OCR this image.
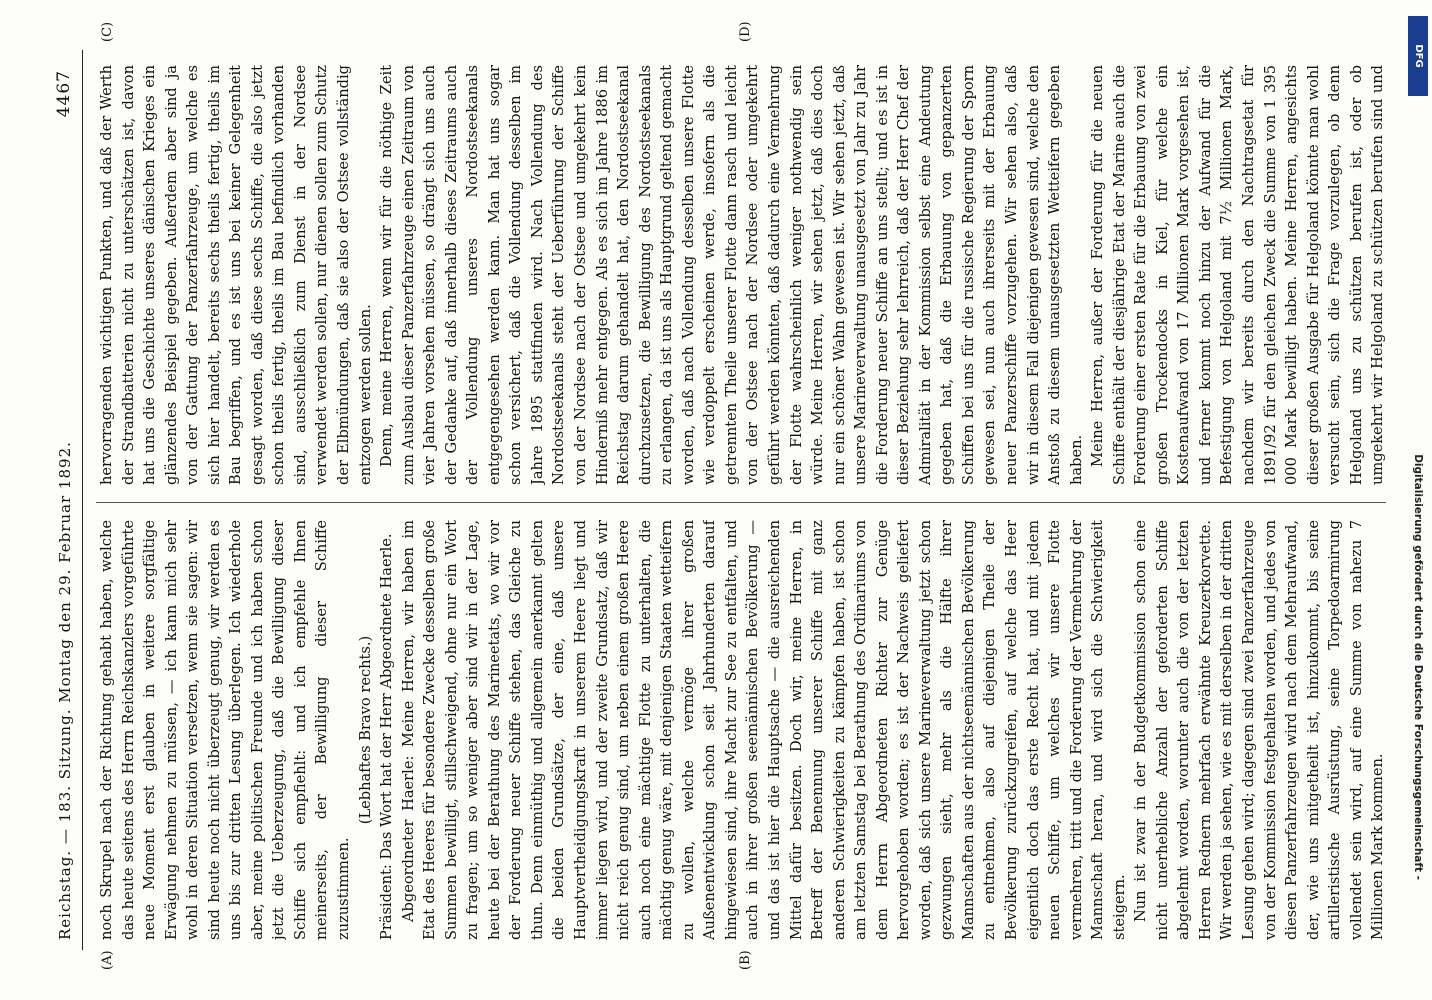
Reichstag. — 183. Sitzung. Montag den 29. Februar 1892.
4467
(A)	(B)
(C)	(D)

noch Skrupel nach der Richtung gehabt haben, welche das heute seitens des Herrn Reichskanzlers vorgeführte neue Moment erst glauben in weitere sorgfältige Erwägung nehmen zu müssen, — ich kann mich sehr wohl in deren Situation versetzen, wenn sie sagen: wir sind heute noch nicht überzeugt genug, wir werden es uns bis zur dritten Lesung überlegen. Ich wiederhole aber, meine politischen Freunde und ich haben schon jetzt die Ueberzeugung, daß die Bewilligung dieser Schiffe sich empfiehlt: und ich empfehle Ihnen meinerseits, der Bewilligung dieser Schiffe zuzustimmen.

(Lebhaftes Bravo rechts.) Präsident: Das Wort hat der Herr Abgeordnete Haerle. Abgeordneter Haerle: Meine Herren, wir haben im Etat des Heeres für besondere Zwecke desselben große Summen bewilligt, stillschweigend, ohne nur ein Wort zu fragen; um so weniger aber sind wir in der Lage, heute bei der Berathung des Marineetats, wo wir vor der Forderung neuer Schiffe stehen, das Gleiche zu thun. Denn einmüthig und allgemein anerkannt gelten die beiden Grundsätze, der eine, daß unsere Hauptvertheidigungskraft in unserem Heere liegt und immer liegen wird, und der zweite Grundsatz, daß wir nicht reich genug sind, um neben einem großen Heere auch noch eine mächtige Flotte zu unterhalten, die mächtig genug wäre, mit denjenigen Staaten wetteifern zu wollen, welche vermöge ihrer großen Außenentwicklung schon seit Jahrhunderten darauf hingewiesen sind, ihre Macht zur See zu entfalten, und auch in ihrer großen seemännischen Bevölkerung — und das ist hier die Hauptsache — die ausreichenden Mittel dafür besitzen. Doch wir, meine Herren, in Betreff der Benennung unserer Schiffe mit ganz anderen Schwierigkeiten zu kämpfen haben, ist schon am letzten Samstag bei Berathung des Ordinariums von dem Herrn Abgeordneten Richter zur Genüge hervorgehoben worden; es ist der Nachweis geliefert worden, daß sich unsere Marineverwaltung jetzt schon gezwungen sieht, mehr als die Hälfte ihrer Mannschaften aus der nichtseemännischen Bevölkerung zu entnehmen, also auf diejenigen Theile der Bevölkerung zurückzugreifen, auf welche das Heer eigentlich doch das erste Recht hat, und mit jedem neuen Schiffe, um welches wir unsere Flotte vermehren, tritt und die Forderung der Vermehrung der Mannschaft heran, und wird sich die Schwierigkeit steigern. Nun ist zwar in der Budgetkommission schon eine nicht unerhebliche Anzahl der geforderten Schiffe abgelehnt worden, worunter auch die von der letzten Herren Rednern mehrfach erwähnte Kreuzerkorvette. Wir werden ja sehen, wie es mit derselben in der dritten Lesung gehen wird; dagegen sind zwei Panzerfahrzeuge von der Kommission festgehalten worden, und jedes von diesen Panzerfahrzeugen wird nach dem Mehraufwand, der, wie uns mitgetheilt ist, hinzukommt, bis seine artilleristische Ausrüstung, seine Torpedoarmirung vollendet sein wird, auf eine Summe von nahezu 7 Millionen Mark kommen.

hervorragenden wichtigen Punkten, und daß der Werth der Strandbatterien nicht zu unterschätzen ist, davon hat uns die Geschichte unseres dänischen Krieges ein glänzendes Beispiel gegeben. Außerdem aber sind ja von der Gattung der Panzerfahrzeuge, um welche es sich hier handelt, bereits sechs theils fertig, theils im Bau begriffen, und es ist uns bei keiner Gelegenheit gesagt worden, daß diese sechs Schiffe, die also jetzt schon theils fertig, theils im Bau befindlich vorhanden sind, ausschließlich zum Dienst in der Nordsee verwendet werden sollen, nur dienen sollen zum Schutz der Elbmündungen, daß sie also der Ostsee vollständig entzogen werden sollen. Denn, meine Herren, wenn wir für die nöthige Zeit zum Ausbau dieser Panzerfahrzeuge einen Zeitraum von vier Jahren vorsehen müssen, so drängt sich uns auch der Gedanke auf, daß innerhalb dieses Zeitraums auch der Vollendung unseres Nordostseekanals entgegengesehen werden kann. Man hat uns sogar schon versichert, daß die Vollendung desselben im Jahre 1895 stattfinden wird. Nach Vollendung des Nordostseekanals steht der Ueberführung der Schiffe von der Nordsee nach der Ostsee und umgekehrt kein Hinderniß mehr entgegen. Als es sich im Jahre 1886 im Reichstag darum gehandelt hat, den Nordostseekanal durchzusetzen, die Bewilligung des Nordostseekanals zu erlangen, da ist uns als Hauptgrund geltend gemacht worden, daß nach Vollendung desselben unsere Flotte wie verdoppelt erscheinen werde, insofern als die getrennten Theile unserer Flotte dann rasch und leicht von der Ostsee nach der Nordsee oder umgekehrt geführt werden könnten, daß dadurch eine Vermehrung der Flotte wahrscheinlich weniger nothwendig sein würde. Meine Herren, wir sehen jetzt, daß dies doch nur ein schöner Wahn gewesen ist. Wir sehen jetzt, daß unsere Marineverwaltung unausgesetzt von Jahr zu Jahr die Forderung neuer Schiffe an uns stellt; und es ist in dieser Beziehung sehr lehrreich, daß der Herr Chef der Admiralität in der Kommission selbst eine Andeutung gegeben hat, daß die Erbauung von gepanzerten Schiffen bei uns für die russische Regierung der Sporn gewesen sei, nun auch ihrerseits mit der Erbauung neuer Panzerschiffe vorzugehen. Wir sehen also, daß wir in diesem Fall diejenigen gewesen sind, welche den Anstoß zu diesem unausgesetzten Wetteifern gegeben haben. Meine Herren, außer der Forderung für die neuen Schiffe enthält der diesjährige Etat der Marine auch die Forderung einer ersten Rate für die Erbauung von zwei großen Trockendocks in Kiel, für welche ein Kostenaufwand von 17 Millionen Mark vorgesehen ist, und ferner kommt noch hinzu der Aufwand für die Befestigung von Helgoland mit 7½ Millionen Mark, nachdem wir bereits durch den Nachtragsetat für 1891/92 für den gleichen Zweck die Summe von 1 395 000 Mark bewilligt haben. Meine Herren, angesichts dieser großen Ausgabe für Helgoland könnte man wohl versucht sein, sich die Frage vorzulegen, ob denn Helgoland uns zu schützen berufen ist, oder ob umgekehrt wir Helgoland zu schützen berufen sind und

Digitalisierung gefördert durch die Deutsche Forschungsgemeinschaft -
DFG
